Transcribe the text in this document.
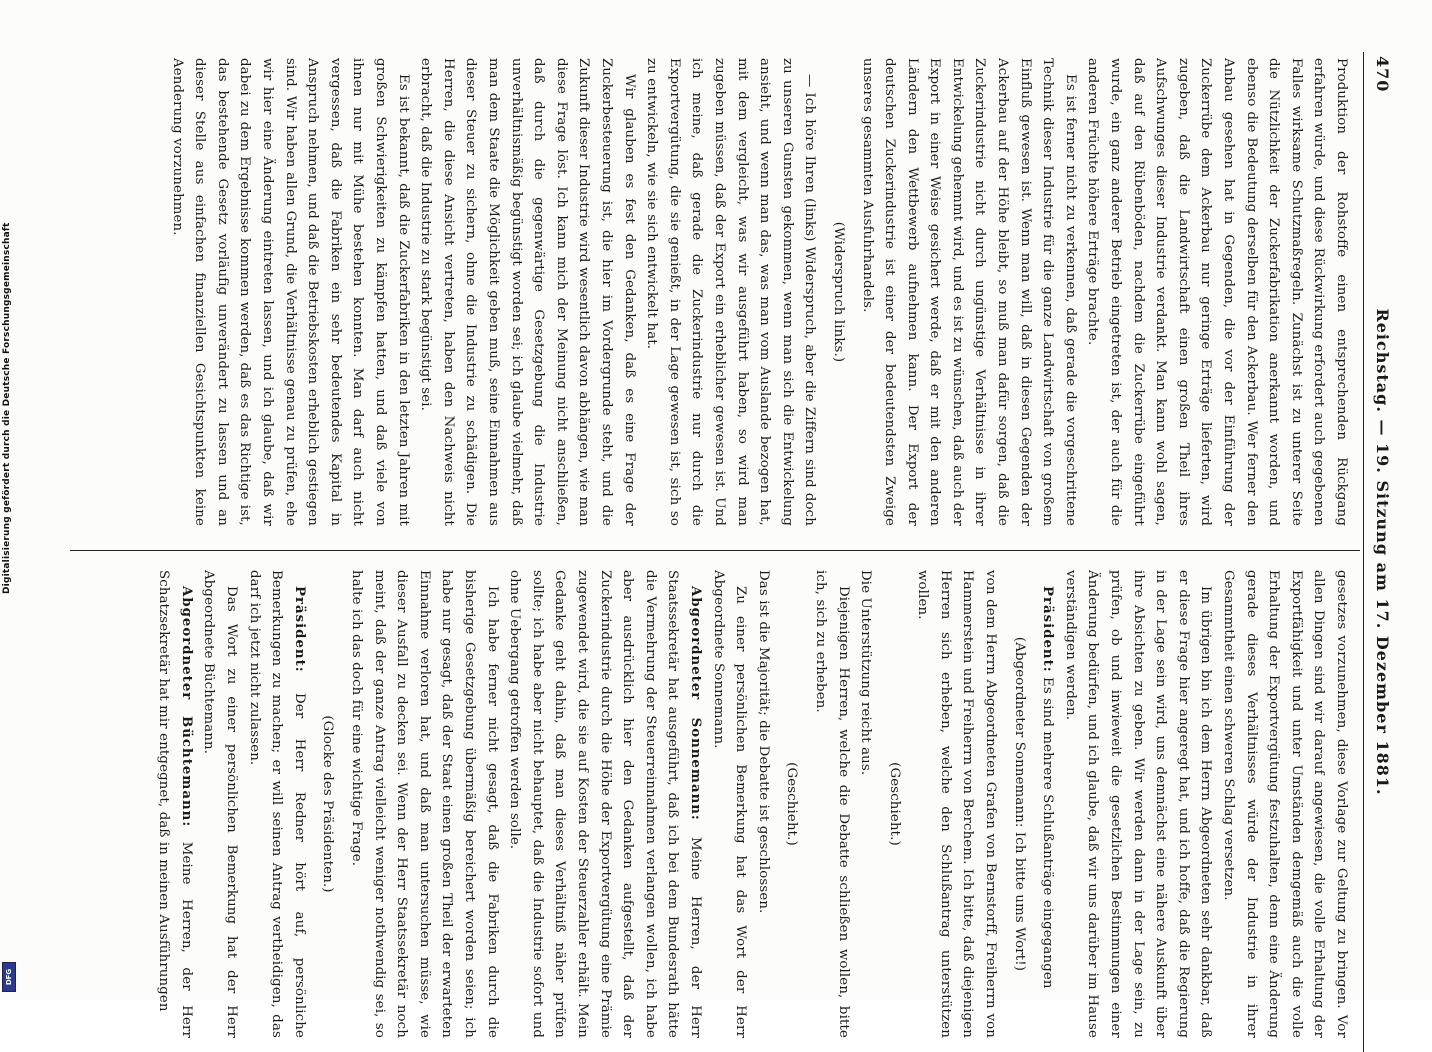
470
Reichstag. — 19. Sitzung am 17. Dezember 1881.

Produktion der Rohstoffe einen entsprechenden Rückgang erfahren würde, und diese Rückwirkung erfordert auch gegebenen Falles wirksame Schutzmaßregeln. Zunächst ist zu unterer Seite die Nützlichkeit der Zuckerfabrikation anerkannt worden, und ebenso die Bedeutung derselben für den Ackerbau. Wer ferner den Anbau gesehen hat in Gegenden, die vor der Einführung der Zuckerrübe dem Ackerbau nur geringe Erträge lieferten, wird zugeben, daß die Landwirtschaft einen großen Theil ihres Aufschwunges dieser Industrie verdankt. Man kann wohl sagen, daß auf den Rübenböden, nachdem die Zuckerrübe eingeführt wurde, ein ganz anderer Betrieb eingetreten ist, der auch für die anderen Früchte höhere Erträge brachte.

Es ist ferner nicht zu verkennen, daß gerade die vorgeschrittene Technik dieser Industrie für die ganze Landwirtschaft von großem Einfluß gewesen ist. Wenn man will, daß in diesen Gegenden der Ackerbau auf der Höhe bleibt, so muß man dafür sorgen, daß die Zuckerindustrie nicht durch ungünstige Verhältnisse in ihrer Entwickelung gehemmt wird, und es ist zu wünschen, daß auch der Export in einer Weise gesichert werde, daß er mit den anderen Ländern den Wettbewerb aufnehmen kann. Der Export der deutschen Zuckerindustrie ist einer der bedeutendsten Zweige unseres gesammten Ausfuhrhandels.

(Widerspruch links.)

— Ich höre Ihren (links) Widerspruch, aber die Ziffern sind doch zu unseren Gunsten gekommen, wenn man sich die Entwickelung ansieht, und wenn man das, was man vom Auslande bezogen hat, mit dem vergleicht, was wir ausgeführt haben, so wird man zugeben müssen, daß der Export ein erheblicher gewesen ist. Und ich meine, daß gerade die Zuckerindustrie nur durch die Exportvergütung, die sie genießt, in der Lage gewesen ist, sich so zu entwickeln, wie sie sich entwickelt hat.

Wir glauben es fest den Gedanken, daß es eine Frage der Zuckerbesteuerung ist, die hier im Vordergrunde steht, und die Zukunft dieser Industrie wird wesentlich davon abhängen, wie man diese Frage löst. Ich kann mich der Meinung nicht anschließen, daß durch die gegenwärtige Gesetzgebung die Industrie unverhältnismäßig begünstigt worden sei; ich glaube vielmehr, daß man dem Staate die Möglichkeit geben muß, seine Einnahmen aus dieser Steuer zu sichern, ohne die Industrie zu schädigen. Die Herren, die diese Ansicht vertreten, haben den Nachweis nicht erbracht, daß die Industrie zu stark begünstigt sei.

Es ist bekannt, daß die Zuckerfabriken in den letzten Jahren mit großen Schwierigkeiten zu kämpfen hatten, und daß viele von ihnen nur mit Mühe bestehen konnten. Man darf auch nicht vergessen, daß die Fabriken ein sehr bedeutendes Kapital in Anspruch nehmen, und daß die Betriebskosten erheblich gestiegen sind. Wir haben allen Grund, die Verhältnisse genau zu prüfen, ehe wir hier eine Änderung eintreten lassen, und ich glaube, daß wir dabei zu dem Ergebnisse kommen werden, daß es das Richtige ist, das bestehende Gesetz vorläufig unverändert zu lassen und an dieser Stelle aus einfachen finanziellen Gesichtspunkten keine Aenderung vorzunehmen.

gesetzes vorzunehmen, diese Vorlage zur Geltung zu bringen. Vor allen Dingen sind wir darauf angewiesen, die volle Erhaltung der Exportfähigkeit und unter Umständen demgemäß auch die volle Erhaltung der Exportvergütung festzuhalten, denn eine Änderung gerade dieses Verhältnisses würde der Industrie in ihrer Gesammtheit einen schweren Schlag versetzen.

Im übrigen bin ich dem Herrn Abgeordneten sehr dankbar, daß er diese Frage hier angeregt hat, und ich hoffe, daß die Regierung in der Lage sein wird, uns demnächst eine nähere Auskunft über ihre Absichten zu geben. Wir werden dann in der Lage sein, zu prüfen, ob und inwieweit die gesetzlichen Bestimmungen einer Änderung bedürfen, und ich glaube, daß wir uns darüber im Hause verständigen werden.

Präsident: Es sind mehrere Schlußanträge eingegangen

(Abgeordneter Sonnemann: Ich bitte ums Wort!)

von dem Herrn Abgeordneten Grafen von Bernstorff, Freiherrn von Hammerstein und Freiherrn von Berchem. Ich bitte, daß diejenigen Herren sich erheben, welche den Schlußantrag unterstützen wollen.

(Geschieht.)

Die Unterstützung reicht aus.

Diejenigen Herren, welche die Debatte schließen wollen, bitte ich, sich zu erheben.

(Geschieht.)

Das ist die Majorität; die Debatte ist geschlossen.

Zu einer persönlichen Bemerkung hat das Wort der Herr Abgeordnete Sonnemann.

Abgeordneter Sonnemann: Meine Herren, der Herr Staatssekretär hat ausgeführt, daß ich bei dem Bundesrath hätte die Vermehrung der Steuerreinnahmen verlangen wollen, ich habe aber ausdrücklich hier den Gedanken aufgestellt, daß der Zuckerindustrie durch die Höhe der Exportvergütung eine Prämie zugewendet wird, die sie auf Kosten der Steuerzahler erhält. Mein Gedanke geht dahin, daß man dieses Verhältniß näher prüfen sollte; ich habe aber nicht behauptet, daß die Industrie sofort und ohne Uebergang getroffen werden solle.

Ich habe ferner nicht gesagt, daß die Fabriken durch die bisherige Gesetzgebung übermäßig bereichert worden seien; ich habe nur gesagt, daß der Staat einen großen Theil der erwarteten Einnahme verloren hat, und daß man untersuchen müsse, wie dieser Ausfall zu decken sei. Wenn der Herr Staatssekretär noch meint, daß der ganze Antrag vielleicht weniger nothwendig sei, so halte ich das doch für eine wichtige Frage.

(Glocke des Präsidenten.)

Präsident: Der Herr Redner hört auf, persönliche Bemerkungen zu machen; er will seinen Antrag vertheidigen, das darf ich jetzt nicht zulassen.

Das Wort zu einer persönlichen Bemerkung hat der Herr Abgeordnete Büchtemann.

Abgeordneter Büchtemann: Meine Herren, der Herr Schatzsekretär hat mir entgegnet, daß in meinen Ausführungen

Digitalisierung gefördert durch die Deutsche Forschungsgemeinschaft
DFG
